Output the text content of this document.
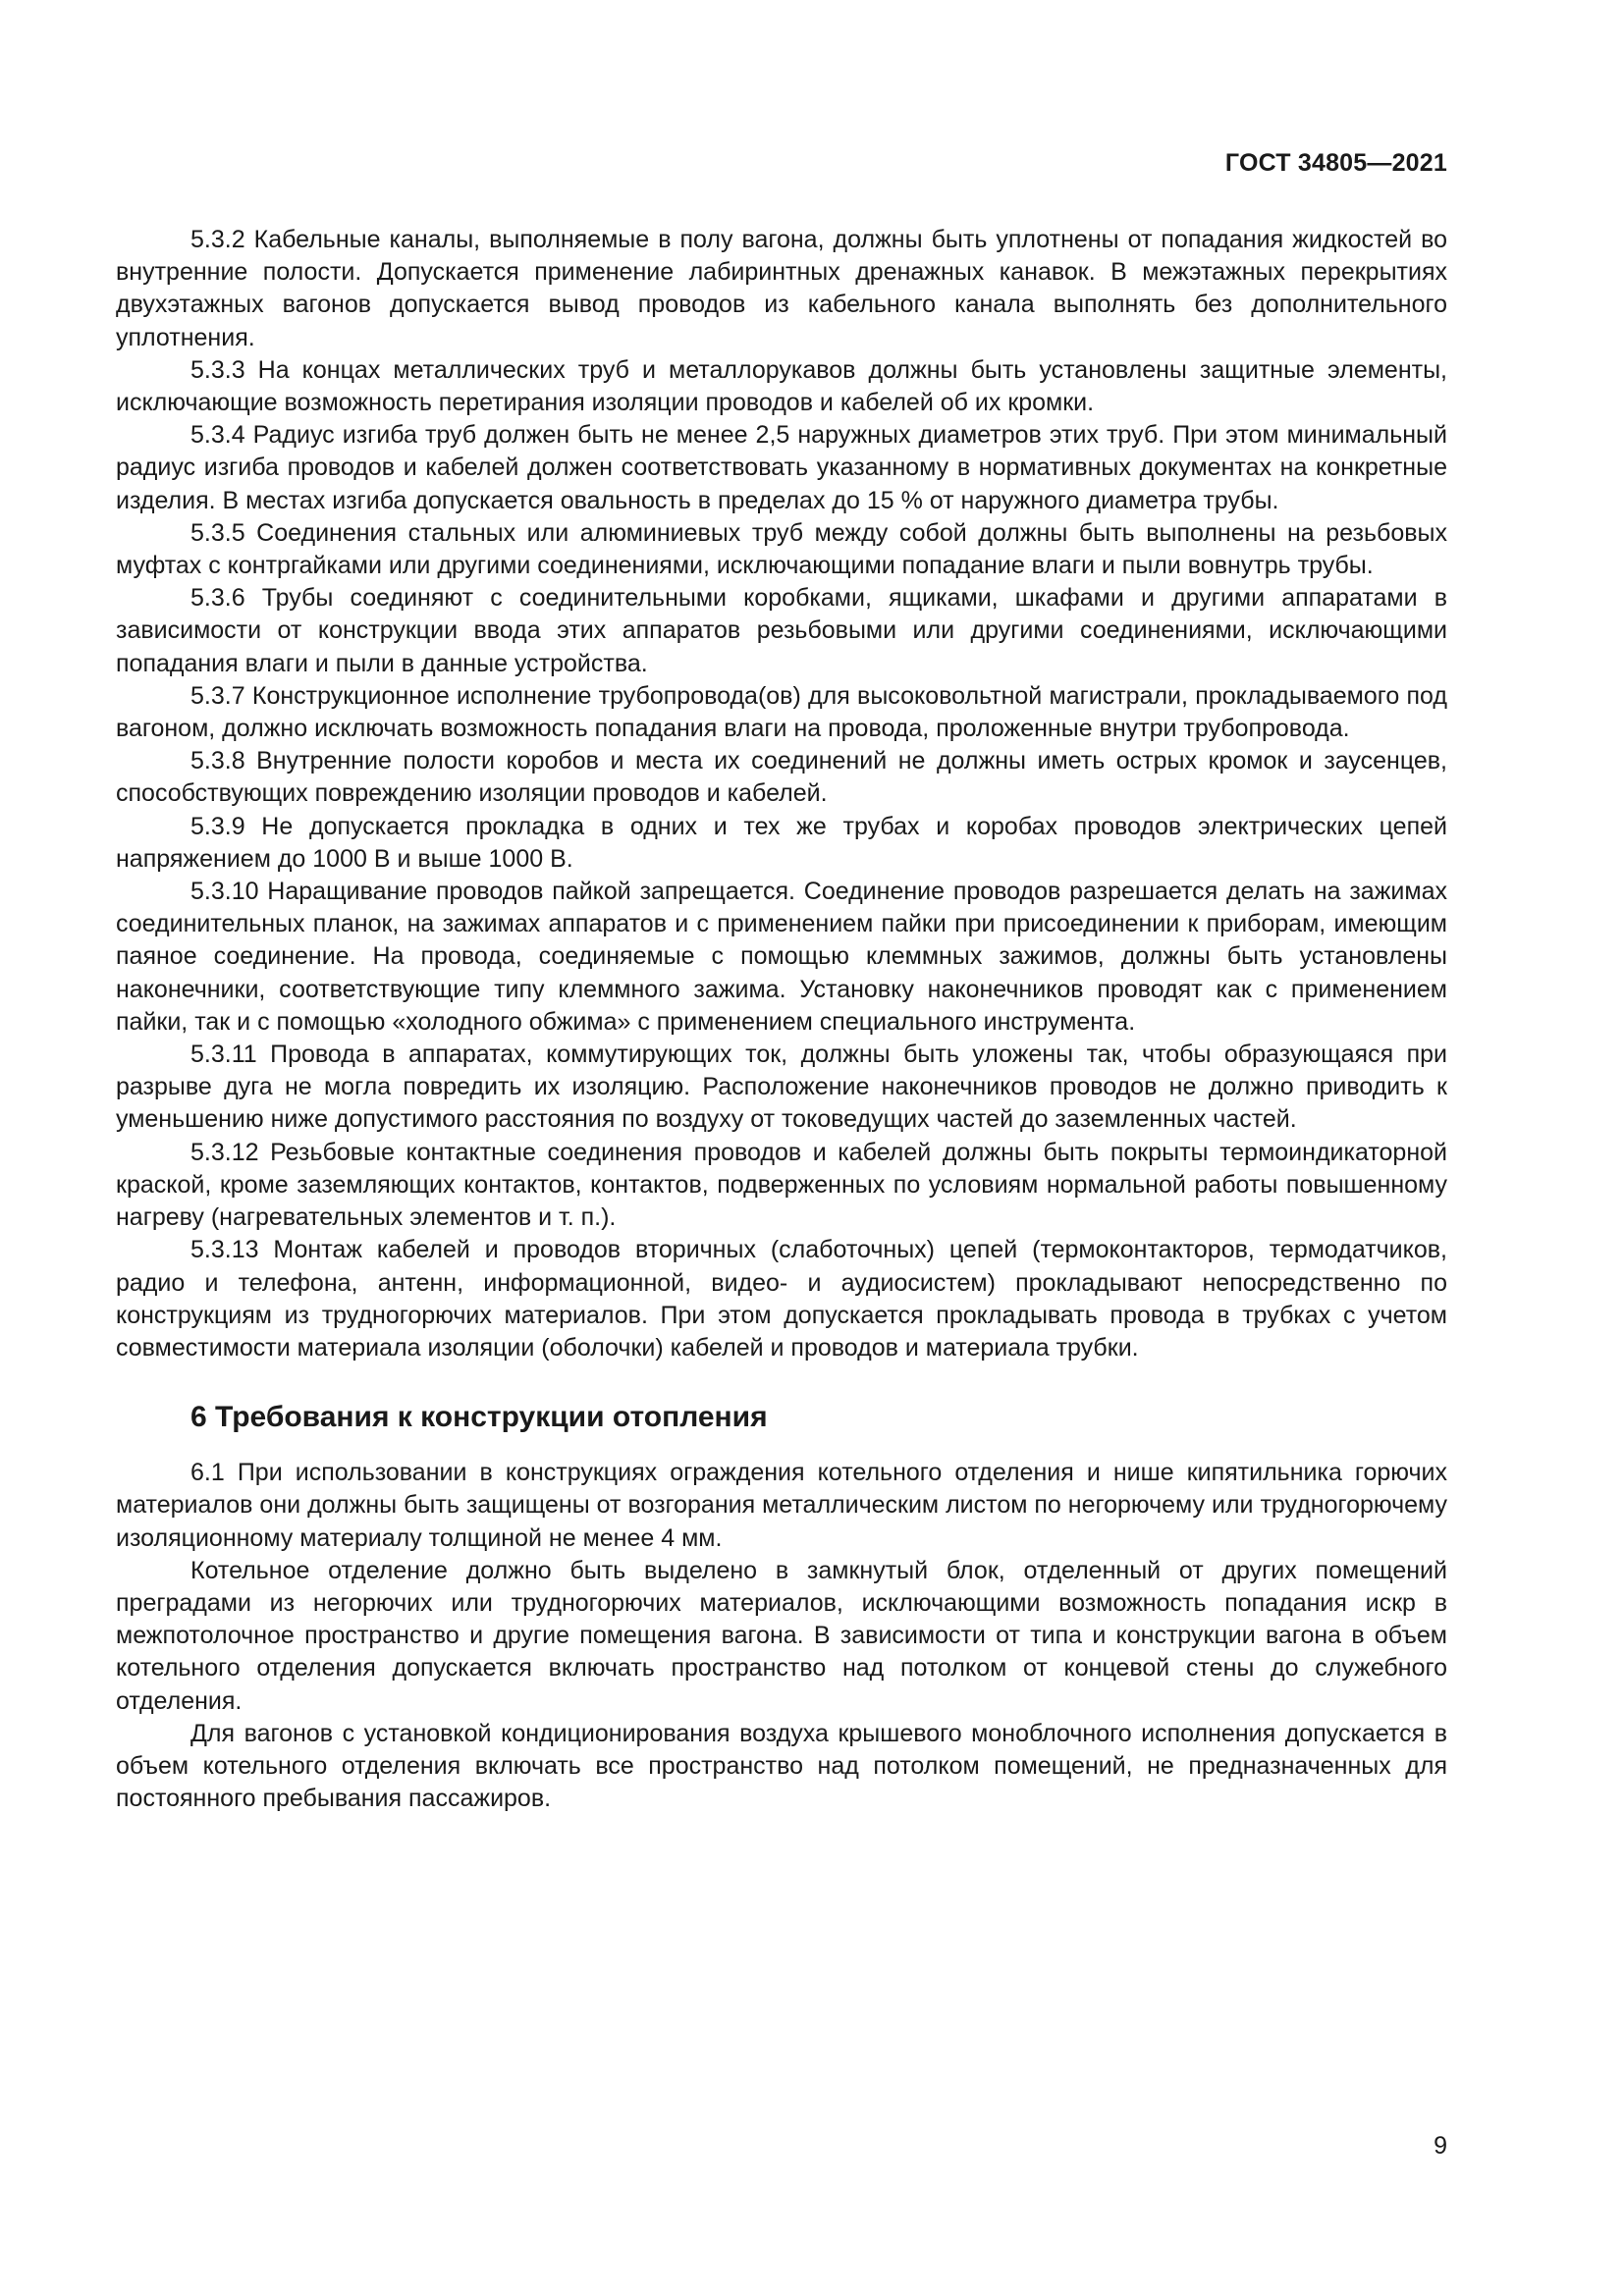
ГОСТ 34805—2021

5.3.2 Кабельные каналы, выполняемые в полу вагона, должны быть уплотнены от попадания жидкостей во внутренние полости. Допускается применение лабиринтных дренажных канавок. В межэтажных перекрытиях двухэтажных вагонов допускается вывод проводов из кабельного канала выполнять без дополнительного уплотнения.

5.3.3 На концах металлических труб и металлорукавов должны быть установлены защитные элементы, исключающие возможность перетирания изоляции проводов и кабелей об их кромки.

5.3.4 Радиус изгиба труб должен быть не менее 2,5 наружных диаметров этих труб. При этом минимальный радиус изгиба проводов и кабелей должен соответствовать указанному в нормативных документах на конкретные изделия. В местах изгиба допускается овальность в пределах до 15 % от наружного диаметра трубы.

5.3.5 Соединения стальных или алюминиевых труб между собой должны быть выполнены на резьбовых муфтах с контргайками или другими соединениями, исключающими попадание влаги и пыли вовнутрь трубы.

5.3.6 Трубы соединяют с соединительными коробками, ящиками, шкафами и другими аппаратами в зависимости от конструкции ввода этих аппаратов резьбовыми или другими соединениями, исключающими попадания влаги и пыли в данные устройства.

5.3.7 Конструкционное исполнение трубопровода(ов) для высоковольтной магистрали, прокладываемого под вагоном, должно исключать возможность попадания влаги на провода, проложенные внутри трубопровода.

5.3.8 Внутренние полости коробов и места их соединений не должны иметь острых кромок и заусенцев, способствующих повреждению изоляции проводов и кабелей.

5.3.9 Не допускается прокладка в одних и тех же трубах и коробах проводов электрических цепей напряжением до 1000 В и выше 1000 В.

5.3.10 Наращивание проводов пайкой запрещается. Соединение проводов разрешается делать на зажимах соединительных планок, на зажимах аппаратов и с применением пайки при присоединении к приборам, имеющим паяное соединение. На провода, соединяемые с помощью клеммных зажимов, должны быть установлены наконечники, соответствующие типу клеммного зажима. Установку наконечников проводят как с применением пайки, так и с помощью «холодного обжима» с применением специального инструмента.

5.3.11 Провода в аппаратах, коммутирующих ток, должны быть уложены так, чтобы образующаяся при разрыве дуга не могла повредить их изоляцию. Расположение наконечников проводов не должно приводить к уменьшению ниже допустимого расстояния по воздуху от токоведущих частей до заземленных частей.

5.3.12 Резьбовые контактные соединения проводов и кабелей должны быть покрыты термоиндикаторной краской, кроме заземляющих контактов, контактов, подверженных по условиям нормальной работы повышенному нагреву (нагревательных элементов и т. п.).

5.3.13 Монтаж кабелей и проводов вторичных (слаботочных) цепей (термоконтакторов, термодатчиков, радио и телефона, антенн, информационной, видео- и аудиосистем) прокладывают непосредственно по конструкциям из трудногорючих материалов. При этом допускается прокладывать провода в трубках с учетом совместимости материала изоляции (оболочки) кабелей и проводов и материала трубки.

6 Требования к конструкции отопления

6.1 При использовании в конструкциях ограждения котельного отделения и нише кипятильника горючих материалов они должны быть защищены от возгорания металлическим листом по негорючему или трудногорючему изоляционному материалу толщиной не менее 4 мм.

Котельное отделение должно быть выделено в замкнутый блок, отделенный от других помещений преградами из негорючих или трудногорючих материалов, исключающими возможность попадания искр в межпотолочное пространство и другие помещения вагона. В зависимости от типа и конструкции вагона в объем котельного отделения допускается включать пространство над потолком от концевой стены до служебного отделения.

Для вагонов с установкой кондиционирования воздуха крышевого моноблочного исполнения допускается в объем котельного отделения включать все пространство над потолком помещений, не предназначенных для постоянного пребывания пассажиров.

9
